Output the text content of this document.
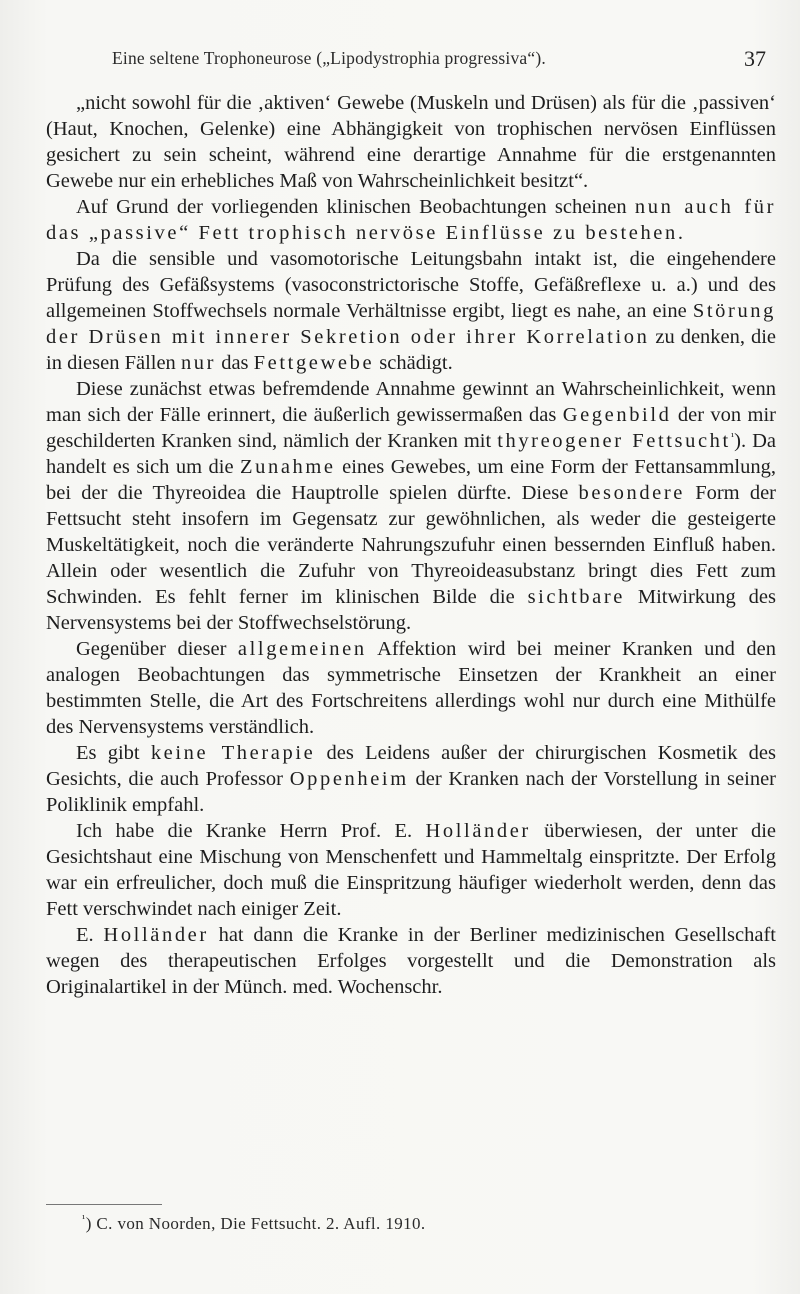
Eine seltene Trophoneurose („Lipodystrophia progressiva“).	37

„nicht sowohl für die ‚aktiven‘ Gewebe (Muskeln und Drüsen) als für die ‚passiven‘ (Haut, Knochen, Gelenke) eine Abhängigkeit von trophischen nervösen Einflüssen gesichert zu sein scheint, während eine derartige Annahme für die erstgenannten Gewebe nur ein erhebliches Maß von Wahrscheinlichkeit besitzt“.

Auf Grund der vorliegenden klinischen Beobachtungen scheinen nun auch für das „passive“ Fett trophisch nervöse Einflüsse zu bestehen.

Da die sensible und vasomotorische Leitungsbahn intakt ist, die eingehendere Prüfung des Gefäßsystems (vasoconstrictorische Stoffe, Gefäßreflexe u. a.) und des allgemeinen Stoffwechsels normale Verhältnisse ergibt, liegt es nahe, an eine Störung der Drüsen mit innerer Sekretion oder ihrer Korrelation zu denken, die in diesen Fällen nur das Fettgewebe schädigt.

Diese zunächst etwas befremdende Annahme gewinnt an Wahrscheinlichkeit, wenn man sich der Fälle erinnert, die äußerlich gewissermaßen das Gegenbild der von mir geschilderten Kranken sind, nämlich der Kranken mit thyreogener Fettsucht$^{^1}$). Da handelt es sich um die Zunahme eines Gewebes, um eine Form der Fettansammlung, bei der die Thyreoidea die Hauptrolle spielen dürfte. Diese besondere Form der Fettsucht steht insofern im Gegensatz zur gewöhnlichen, als weder die gesteigerte Muskeltätigkeit, noch die veränderte Nahrungszufuhr einen bessernden Einfluß haben. Allein oder wesentlich die Zufuhr von Thyreoideasubstanz bringt dies Fett zum Schwinden. Es fehlt ferner im klinischen Bilde die sichtbare Mitwirkung des Nervensystems bei der Stoffwechselstörung.

Gegenüber dieser allgemeinen Affektion wird bei meiner Kranken und den analogen Beobachtungen das symmetrische Einsetzen der Krankheit an einer bestimmten Stelle, die Art des Fortschreitens allerdings wohl nur durch eine Mithülfe des Nervensystems verständlich.

Es gibt keine Therapie des Leidens außer der chirurgischen Kosmetik des Gesichts, die auch Professor Oppenheim der Kranken nach der Vorstellung in seiner Poliklinik empfahl.

Ich habe die Kranke Herrn Prof. E. Holländer überwiesen, der unter die Gesichtshaut eine Mischung von Menschenfett und Hammeltalg einspritzte. Der Erfolg war ein erfreulicher, doch muß die Einspritzung häufiger wiederholt werden, denn das Fett verschwindet nach einiger Zeit.

E. Holländer hat dann die Kranke in der Berliner medizinischen Gesellschaft wegen des therapeutischen Erfolges vorgestellt und die Demonstration als Originalartikel in der Münch. med. Wochenschr.

$^{^1}$) C. von Noorden, Die Fettsucht. 2. Aufl. 1910.
